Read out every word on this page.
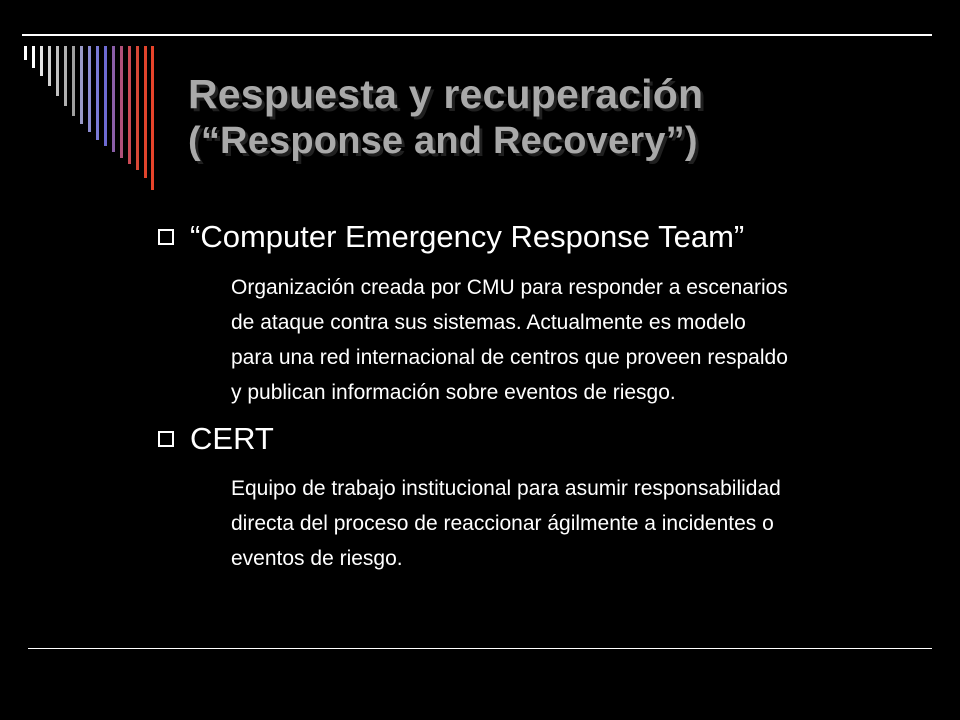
Respuesta y recuperación
(“Response and Recovery”)
“Computer Emergency Response Team”

Organización creada por CMU para responder a escenarios
de ataque contra sus sistemas. Actualmente es modelo
para una red internacional de centros que proveen respaldo
y publican información sobre eventos de riesgo.

CERT

Equipo de trabajo institucional para asumir responsabilidad
directa del proceso de reaccionar ágilmente a incidentes o
eventos de riesgo.
